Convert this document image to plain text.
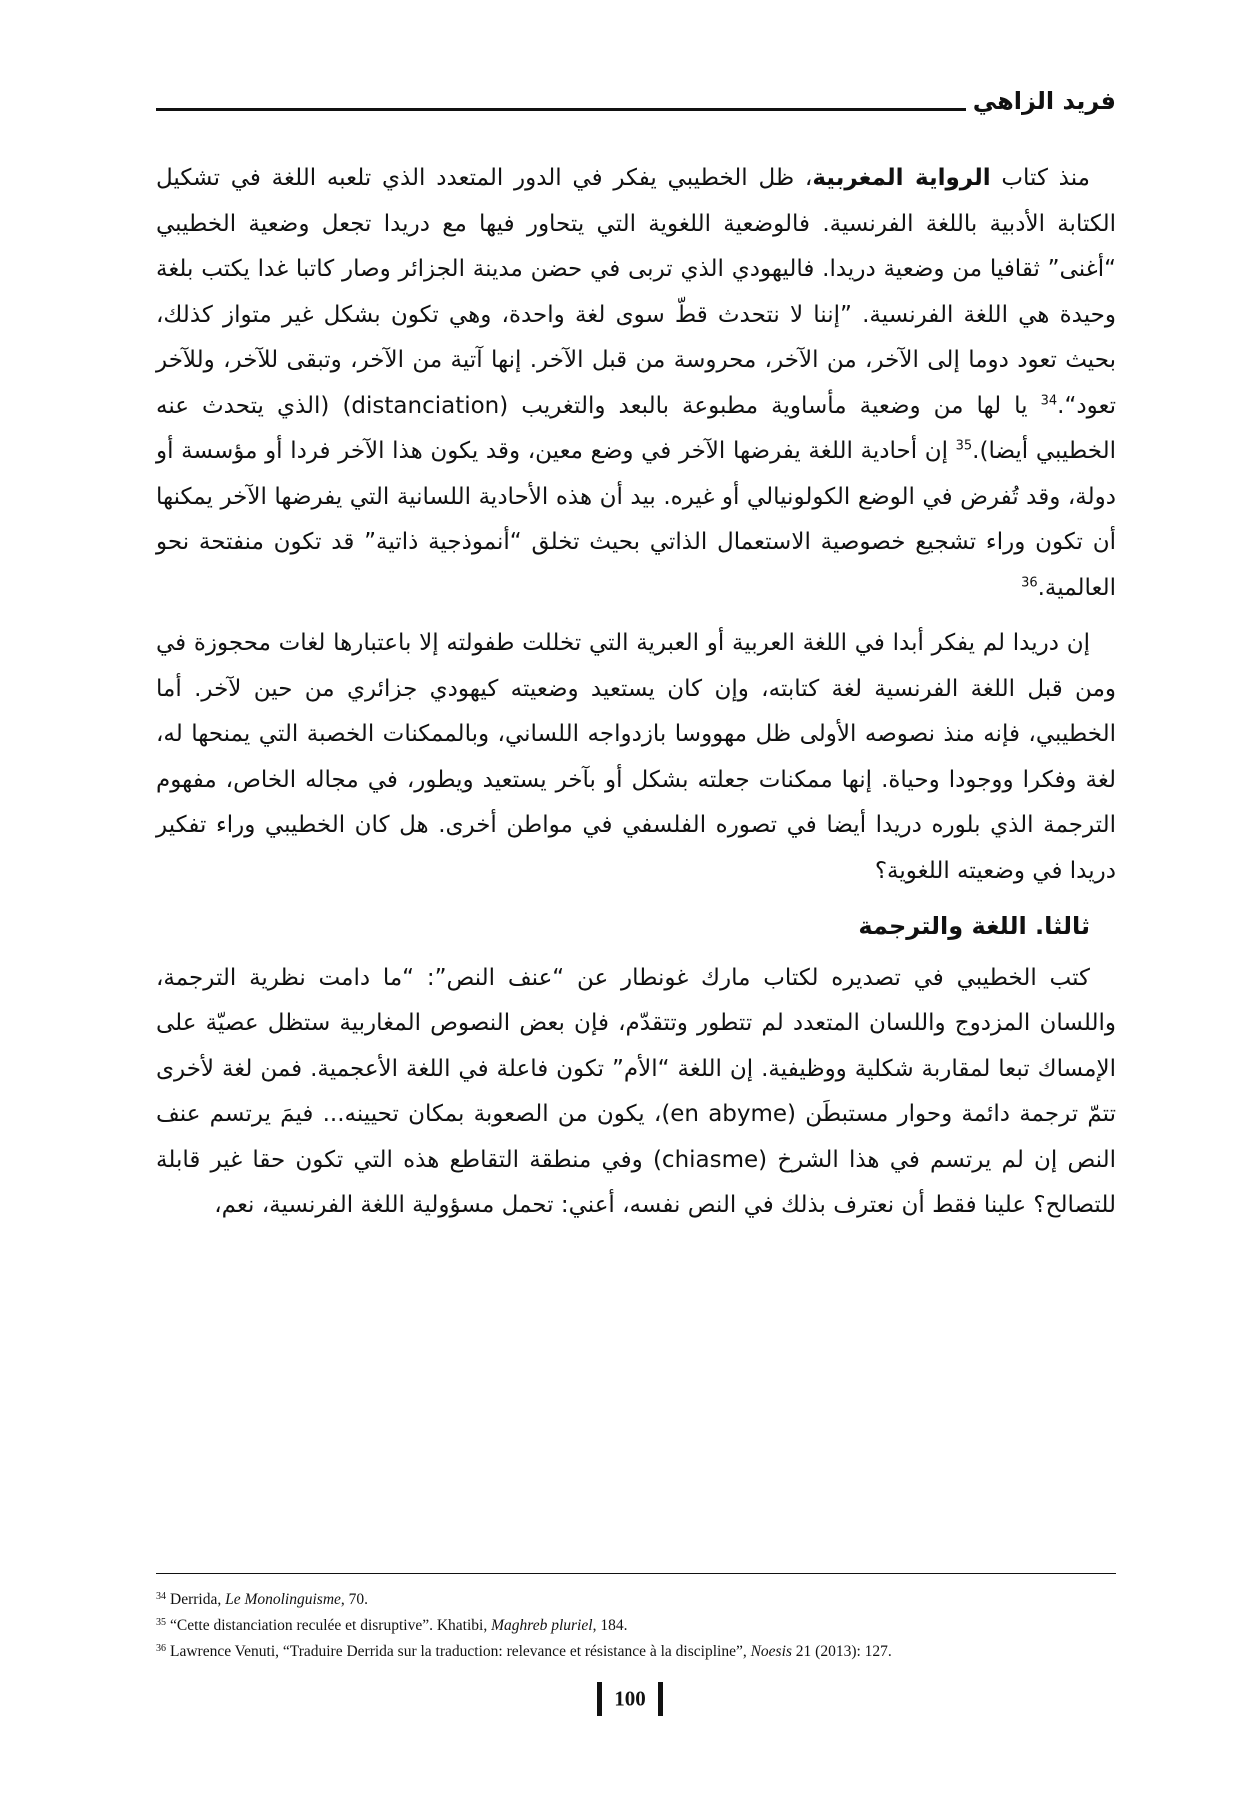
فريد الزاهي

منذ كتاب الرواية المغربية، ظل الخطيبي يفكر في الدور المتعدد الذي تلعبه اللغة في تشكيل الكتابة الأدبية باللغة الفرنسية. فالوضعية اللغوية التي يتحاور فيها مع دريدا تجعل وضعية الخطيبي “أغنى” ثقافيا من وضعية دريدا. فاليهودي الذي تربى في حضن مدينة الجزائر وصار كاتبا غدا يكتب بلغة وحيدة هي اللغة الفرنسية. ”إننا لا نتحدث قطّ سوى لغة واحدة، وهي تكون بشكل غير متواز كذلك، بحيث تعود دوما إلى الآخر، من الآخر، محروسة من قبل الآخر. إنها آتية من الآخر، وتبقى للآخر، وللآخر تعود“.$^{34}$ يا لها من وضعية مأساوية مطبوعة بالبعد والتغريب (distanciation) (الذي يتحدث عنه الخطيبي أيضا).$^{35}$ إن أحادية اللغة يفرضها الآخر في وضع معين، وقد يكون هذا الآخر فردا أو مؤسسة أو دولة، وقد تُفرض في الوضع الكولونيالي أو غيره. بيد أن هذه الأحادية اللسانية التي يفرضها الآخر يمكنها أن تكون وراء تشجيع خصوصية الاستعمال الذاتي بحيث تخلق “أنموذجية ذاتية” قد تكون منفتحة نحو العالمية.$^{36}$

إن دريدا لم يفكر أبدا في اللغة العربية أو العبرية التي تخللت طفولته إلا باعتبارها لغات محجوزة في ومن قبل اللغة الفرنسية لغة كتابته، وإن كان يستعيد وضعيته كيهودي جزائري من حين لآخر. أما الخطيبي، فإنه منذ نصوصه الأولى ظل مهووسا بازدواجه اللساني، وبالممكنات الخصبة التي يمنحها له، لغة وفكرا ووجودا وحياة. إنها ممكنات جعلته بشكل أو بآخر يستعيد ويطور، في مجاله الخاص، مفهوم الترجمة الذي بلوره دريدا أيضا في تصوره الفلسفي في مواطن أخرى. هل كان الخطيبي وراء تفكير دريدا في وضعيته اللغوية؟

ثالثا. اللغة والترجمة

كتب الخطيبي في تصديره لكتاب مارك غونطار عن “عنف النص”: “ما دامت نظرية الترجمة، واللسان المزدوج واللسان المتعدد لم تتطور وتتقدّم، فإن بعض النصوص المغاربية ستظل عصيّة على الإمساك تبعا لمقاربة شكلية ووظيفية. إن اللغة “الأم” تكون فاعلة في اللغة الأعجمية. فمن لغة لأخرى تتمّ ترجمة دائمة وحوار مستبطَن (en abyme)، يكون من الصعوبة بمكان تحيينه... فيمَ يرتسم عنف النص إن لم يرتسم في هذا الشرخ (chiasme) وفي منطقة التقاطع هذه التي تكون حقا غير قابلة للتصالح؟ علينا فقط أن نعترف بذلك في النص نفسه، أعني: تحمل مسؤولية اللغة الفرنسية، نعم،

$^{34}$ Derrida, Le Monolinguisme, 70.

$^{35}$ “Cette distanciation reculée et disruptive”. Khatibi, Maghreb pluriel, 184.

$^{36}$ Lawrence Venuti, “Traduire Derrida sur la traduction: relevance et résistance à la discipline”, Noesis 21 (2013): 127.

100
